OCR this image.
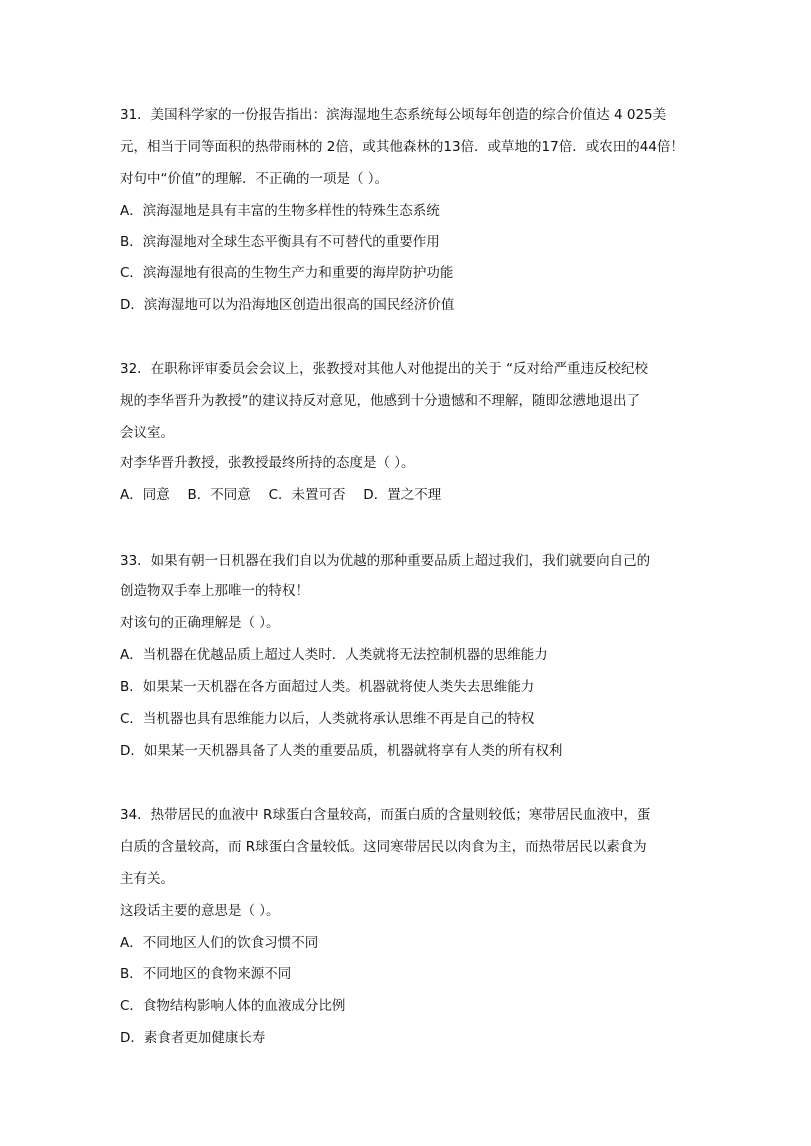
31．美国科学家的一份报告指出：滨海湿地生态系统每公顷每年创造的综合价值达 4 025美
元，相当于同等面积的热带雨林的 2倍，或其他森林的13倍．或草地的17倍．或农田的44倍！
对句中“价值”的理解．不正确的一项是（ ）。
A．滨海湿地是具有丰富的生物多样性的特殊生态系统
B．滨海湿地对全球生态平衡具有不可替代的重要作用
C．滨海湿地有很高的生物生产力和重要的海岸防护功能
D．滨海湿地可以为沿海地区创造出很高的国民经济价值
32．在职称评审委员会会议上，张教授对其他人对他提出的关于 “反对给严重违反校纪校
规的李华晋升为教授”的建议持反对意见，他感到十分遗憾和不理解，随即忿懑地退出了
会议室。
对李华晋升教授，张教授最终所持的态度是（ ）。
A．同意　 B．不同意　 C．未置可否　 D．置之不理
33．如果有朝一日机器在我们自以为优越的那种重要品质上超过我们，我们就要向自己的
创造物双手奉上那唯一的特权！
对该句的正确理解是（ ）。
A．当机器在优越品质上超过人类时．人类就将无法控制机器的思维能力
B．如果某一天机器在各方面超过人类。机器就将使人类失去思维能力
C．当机器也具有思维能力以后，人类就将承认思维不再是自己的特权
D．如果某一天机器具备了人类的重要品质，机器就将享有人类的所有权利
34．热带居民的血液中 R球蛋白含量较高，而蛋白质的含量则较低；寒带居民血液中，蛋
白质的含量较高，而 R球蛋白含量较低。这同寒带居民以肉食为主，而热带居民以素食为
主有关。
这段话主要的意思是（ ）。
A．不同地区人们的饮食习惯不同
B．不同地区的食物来源不同
C．食物结构影响人体的血液成分比例
D．素食者更加健康长寿
